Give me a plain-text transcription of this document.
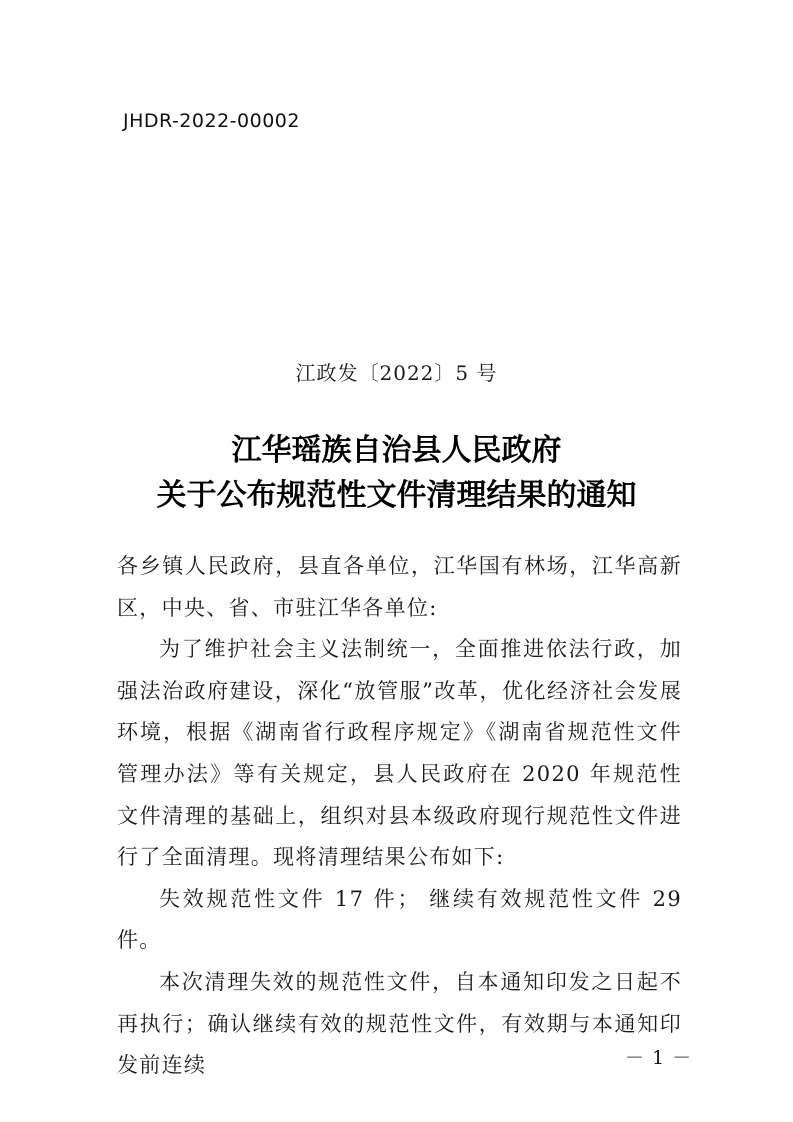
JHDR-2022-00002
江政发〔2022〕5 号
江华瑶族自治县人民政府
关于公布规范性文件清理结果的通知

各乡镇人民政府，县直各单位，江华国有林场，江华高新区，中央、省、市驻江华各单位:

为了维护社会主义法制统一，全面推进依法行政，加强法治政府建设，深化“放管服”改革，优化经济社会发展环境，根据《湖南省行政程序规定》《湖南省规范性文件管理办法》等有关规定，县人民政府在 2020 年规范性文件清理的基础上，组织对县本级政府现行规范性文件进行了全面清理。现将清理结果公布如下:

失效规范性文件 17 件； 继续有效规范性文件 29 件。

本次清理失效的规范性文件，自本通知印发之日起不再执行；确认继续有效的规范性文件，有效期与本通知印发前连续	－ 1 －
